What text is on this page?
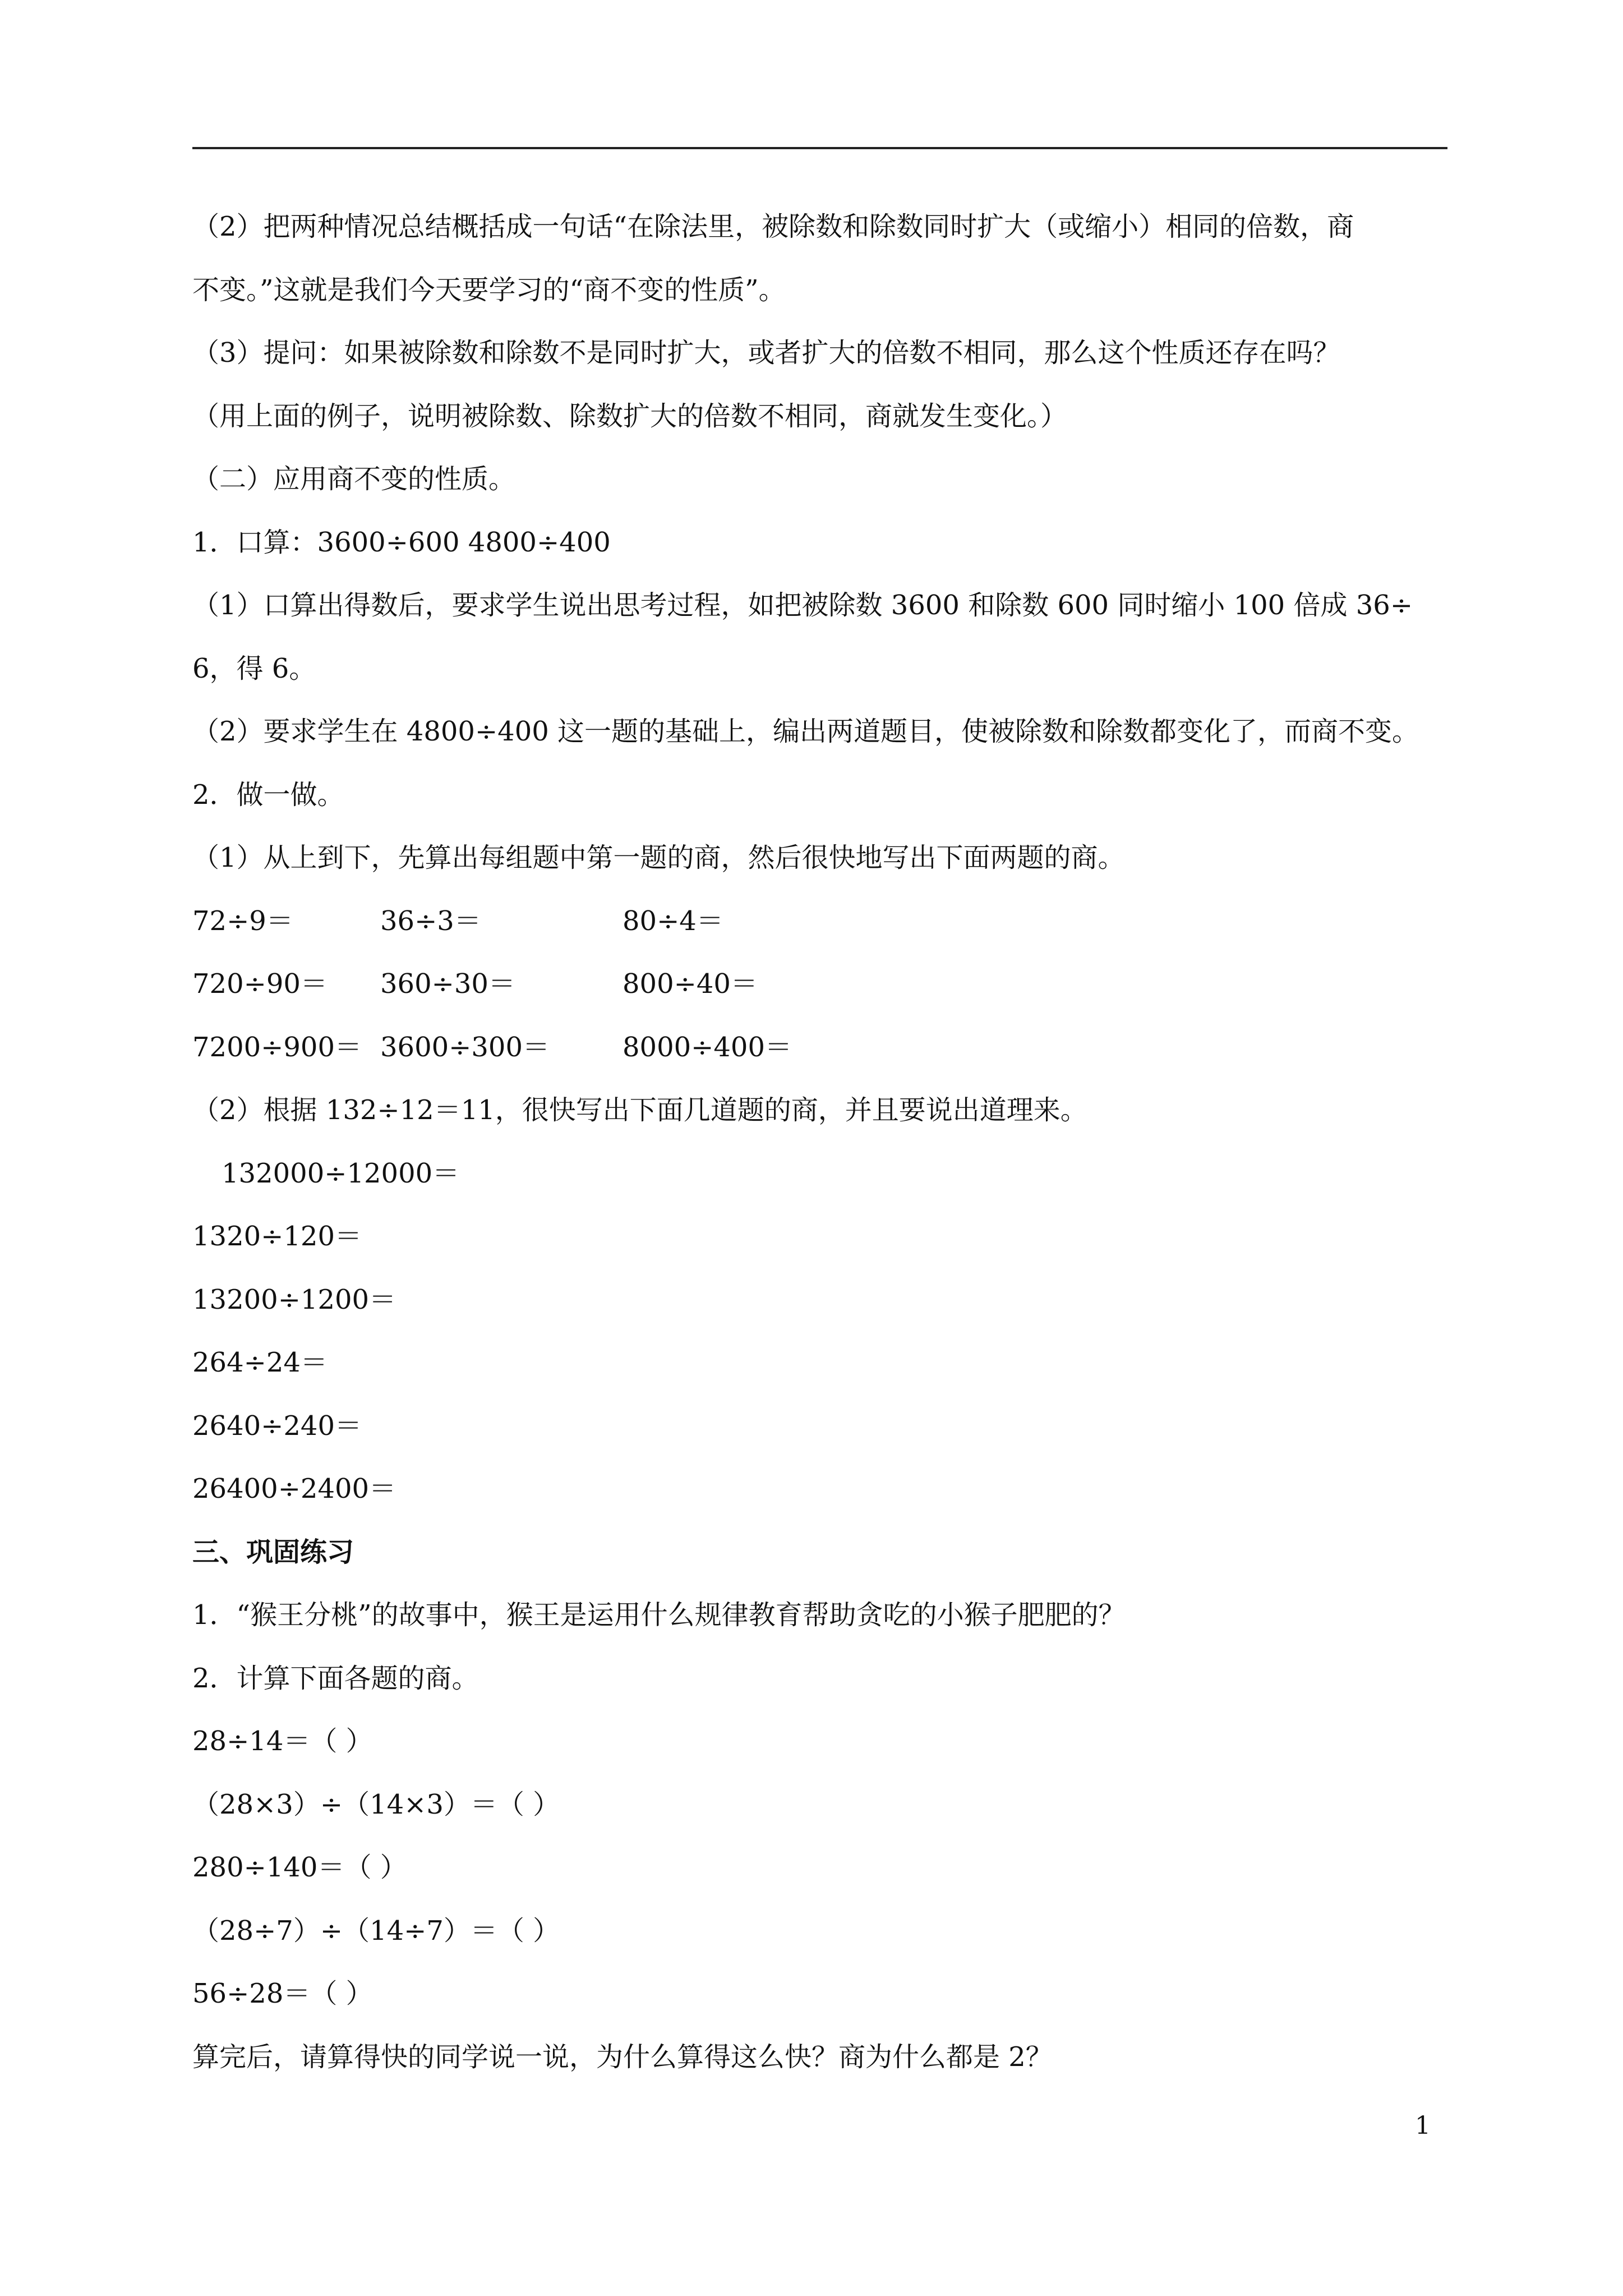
（2）把两种情况总结概括成一句话“在除法里，被除数和除数同时扩大（或缩小）相同的倍数，商
不变。”这就是我们今天要学习的“商不变的性质”。
（3）提问：如果被除数和除数不是同时扩大，或者扩大的倍数不相同，那么这个性质还存在吗？
（用上面的例子，说明被除数、除数扩大的倍数不相同，商就发生变化。）
（二）应用商不变的性质。
1．口算：3600÷600 4800÷400
（1）口算出得数后，要求学生说出思考过程，如把被除数 3600 和除数 600 同时缩小 100 倍成 36÷
6，得 6。
（2）要求学生在 4800÷400 这一题的基础上，编出两道题目，使被除数和除数都变化了，而商不变。
2．做一做。
（1）从上到下，先算出每组题中第一题的商，然后很快地写出下面两题的商。
72÷9＝	36÷3＝	80÷4＝
720÷90＝	360÷30＝	800÷40＝
7200÷900＝ 3600÷300＝	8000÷400＝
（2）根据 132÷12＝11，很快写出下面几道题的商，并且要说出道理来。
132000÷12000＝
1320÷120＝
13200÷1200＝
264÷24＝
2640÷240＝
26400÷2400＝
三、巩固练习
1．“猴王分桃”的故事中，猴王是运用什么规律教育帮助贪吃的小猴子肥肥的？
2．计算下面各题的商。
28÷14＝（ ）
（28×3）÷（14×3）＝（ ）
280÷140＝（ ）
（28÷7）÷（14÷7）＝（ ）
56÷28＝（ ）
算完后，请算得快的同学说一说，为什么算得这么快？商为什么都是 2？
1
